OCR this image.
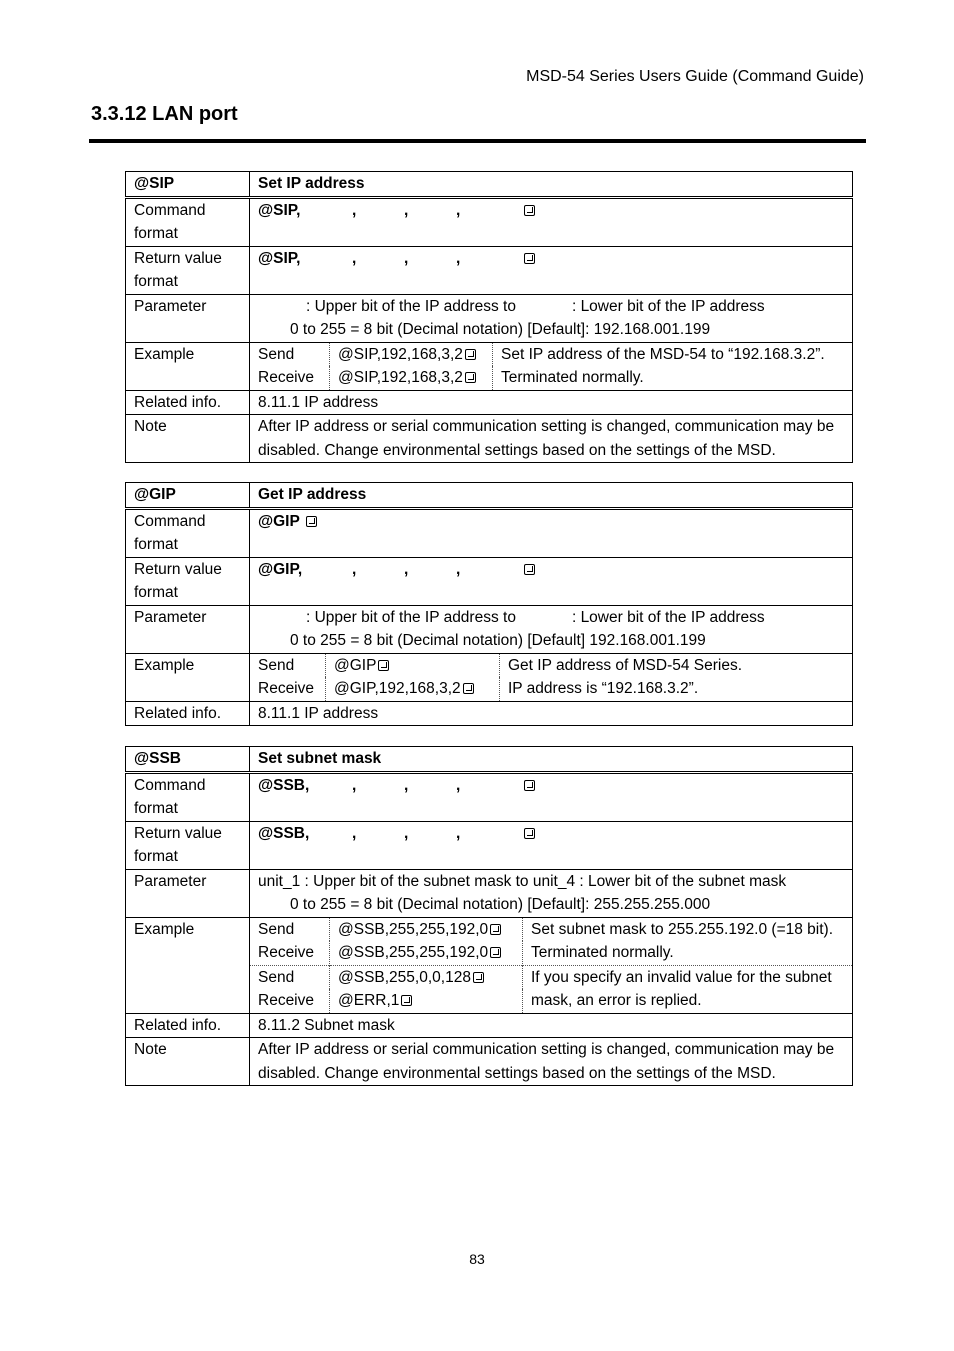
MSD-54 Series Users Guide (Command Guide)
3.3.12 LAN port
@SIP	Set IP address
Command format	@SIP,	,	,	,
Return value format	@SIP,	,	,	,
Parameter	: Upper bit of the IP address to	: Lower bit of the IP address
0 to 255 = 8 bit (Decimal notation) [Default]: 192.168.001.199

Example		Send	@SIP,192,168,3,2	Set IP address of the MSD-54 to “192.168.3.2”.
Receive	@SIP,192,168,3,2	Terminated normally.

Related info.	8.11.1 IP address
Note	After IP address or serial communication setting is changed, communication may be disabled. Change environmental settings based on the settings of the MSD.
@GIP	Get IP address
Command format	@GIP
Return value format	@GIP,	,	,	,
Parameter	: Upper bit of the IP address to	: Lower bit of the IP address
0 to 255 = 8 bit (Decimal notation) [Default] 192.168.001.199

Example		Send	@GIP	Get IP address of MSD-54 Series.
Receive	@GIP,192,168,3,2	IP address is “192.168.3.2”.

Related info.	8.11.1 IP address
@SSB	Set subnet mask
Command format	@SSB,	,	,	,
Return value format	@SSB,	,	,	,
Parameter	unit_1 : Upper bit of the subnet mask to unit_4 : Lower bit of the subnet mask
0 to 255 = 8 bit (Decimal notation) [Default]: 255.255.255.000

Example		Send	@SSB,255,255,192,0	Set subnet mask to 255.255.192.0 (=18 bit).
Receive	@SSB,255,255,192,0	Terminated normally.
Send	@SSB,255,0,0,128	If you specify an invalid value for the subnet
Receive	@ERR,1	mask, an error is replied.

Related info.	8.11.2 Subnet mask
Note	After IP address or serial communication setting is changed, communication may be disabled. Change environmental settings based on the settings of the MSD.
83
